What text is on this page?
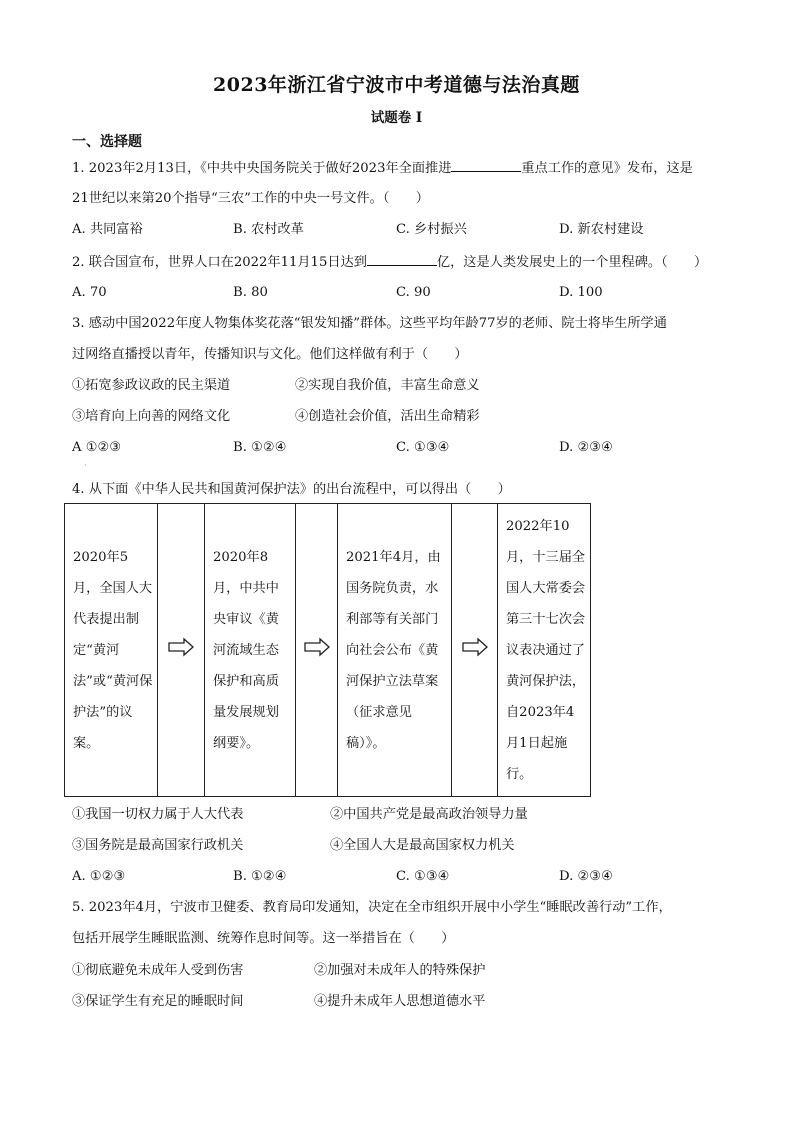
2023年浙江省宁波市中考道德与法治真题
试题卷 I
一、选择题
1. 2023年2月13日，《中共中央国务院关于做好2023年全面推进	重点工作的意见》发布，这是
21世纪以来第20个指导“三农”工作的中央一号文件。（　　）
A. 共同富裕	B. 农村改革	C. 乡村振兴	D. 新农村建设
2. 联合国宣布，世界人口在2022年11月15日达到	亿，这是人类发展史上的一个里程碑。（　　）
A. 70	B. 80	C. 90	D. 100
3. 感动中国2022年度人物集体奖花落“银发知播”群体。这些平均年龄77岁的老师、院士将毕生所学通
过网络直播授以青年，传播知识与文化。他们这样做有利于（　　）
①拓宽参政议政的民主渠道	②实现自我价值，丰富生命意义
③培育向上向善的网络文化	④创造社会价值，活出生命精彩
A ①②③	B. ①②④	C. ①③④	D. ②③④
·
4. 从下面《中华人民共和国黄河保护法》的出台流程中，可以得出（　　）
2020年5月，全国人大代表提出制定“黄河法”或“黄河保护法”的议案。
2020年8月，中共中央审议《黄河流域生态保护和高质量发展规划纲要》。
2021年4月，由国务院负责，水利部等有关部门向社会公布《黄河保护立法草案（征求意见稿）》。
2022年10月，十三届全国人大常委会第三十七次会议表决通过了黄河保护法，自2023年4月1日起施行。
①我国一切权力属于人大代表	②中国共产党是最高政治领导力量
③国务院是最高国家行政机关	④全国人大是最高国家权力机关
A. ①②③	B. ①②④	C. ①③④	D. ②③④
5. 2023年4月，宁波市卫健委、教育局印发通知，决定在全市组织开展中小学生“睡眠改善行动”工作，
包括开展学生睡眠监测、统筹作息时间等。这一举措旨在（　　）
①彻底避免未成年人受到伤害	②加强对未成年人的特殊保护
③保证学生有充足的睡眠时间	④提升未成年人思想道德水平
